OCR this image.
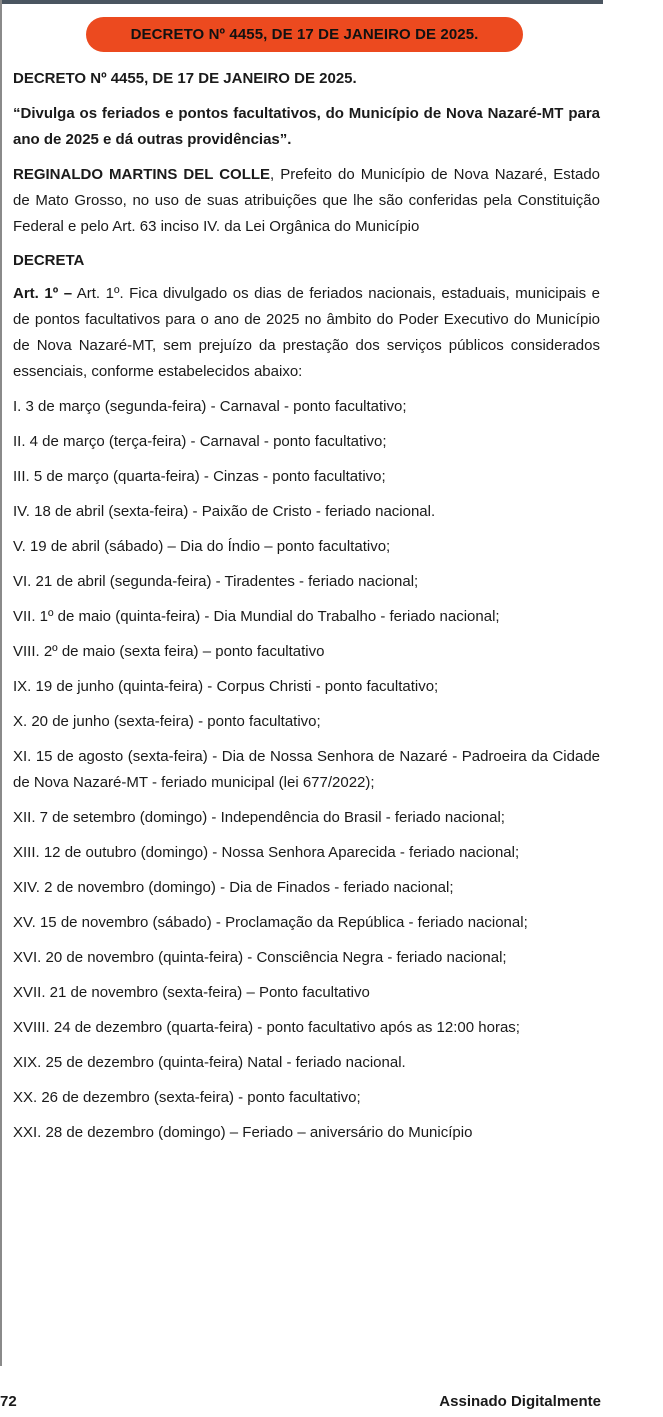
DECRETO Nº 4455, DE 17 DE JANEIRO DE 2025.

DECRETO Nº 4455, DE 17 DE JANEIRO DE 2025.

“Divulga os feriados e pontos facultativos, do Município de Nova Nazaré-MT para ano de 2025 e dá outras providências”.

REGINALDO MARTINS DEL COLLE, Prefeito do Município de Nova Nazaré, Estado de Mato Grosso, no uso de suas atribuições que lhe são conferidas pela Constituição Federal e pelo Art. 63 inciso IV. da Lei Orgânica do Município

DECRETA

Art. 1º – Art. 1º. Fica divulgado os dias de feriados nacionais, estaduais, municipais e de pontos facultativos para o ano de 2025 no âmbito do Poder Executivo do Município de Nova Nazaré-MT, sem prejuízo da prestação dos serviços públicos considerados essenciais, conforme estabelecidos abaixo:

I. 3 de março (segunda-feira) - Carnaval - ponto facultativo;

II. 4 de março (terça-feira) - Carnaval - ponto facultativo;

III. 5 de março (quarta-feira) - Cinzas - ponto facultativo;

IV. 18 de abril (sexta-feira) - Paixão de Cristo - feriado nacional.

V. 19 de abril (sábado) – Dia do Índio – ponto facultativo;

VI. 21 de abril (segunda-feira) - Tiradentes - feriado nacional;

VII. 1º de maio (quinta-feira) - Dia Mundial do Trabalho - feriado nacional;

VIII. 2º de maio (sexta feira) – ponto facultativo

IX. 19 de junho (quinta-feira) - Corpus Christi - ponto facultativo;

X. 20 de junho (sexta-feira) - ponto facultativo;

XI. 15 de agosto (sexta-feira) - Dia de Nossa Senhora de Nazaré - Padroeira da Cidade de Nova Nazaré-MT - feriado municipal (lei 677/2022);

XII. 7 de setembro (domingo) - Independência do Brasil - feriado nacional;

XIII. 12 de outubro (domingo) - Nossa Senhora Aparecida - feriado nacional;

XIV. 2 de novembro (domingo) - Dia de Finados - feriado nacional;

XV. 15 de novembro (sábado) - Proclamação da República - feriado nacional;

XVI. 20 de novembro (quinta-feira) - Consciência Negra - feriado nacional;

XVII. 21 de novembro (sexta-feira) – Ponto facultativo

XVIII. 24 de dezembro (quarta-feira) - ponto facultativo após as 12:00 horas;

XIX. 25 de dezembro (quinta-feira) Natal - feriado nacional.

XX. 26 de dezembro (sexta-feira) - ponto facultativo;

XXI. 28 de dezembro (domingo) – Feriado – aniversário do Município

72	Assinado Digitalmente
